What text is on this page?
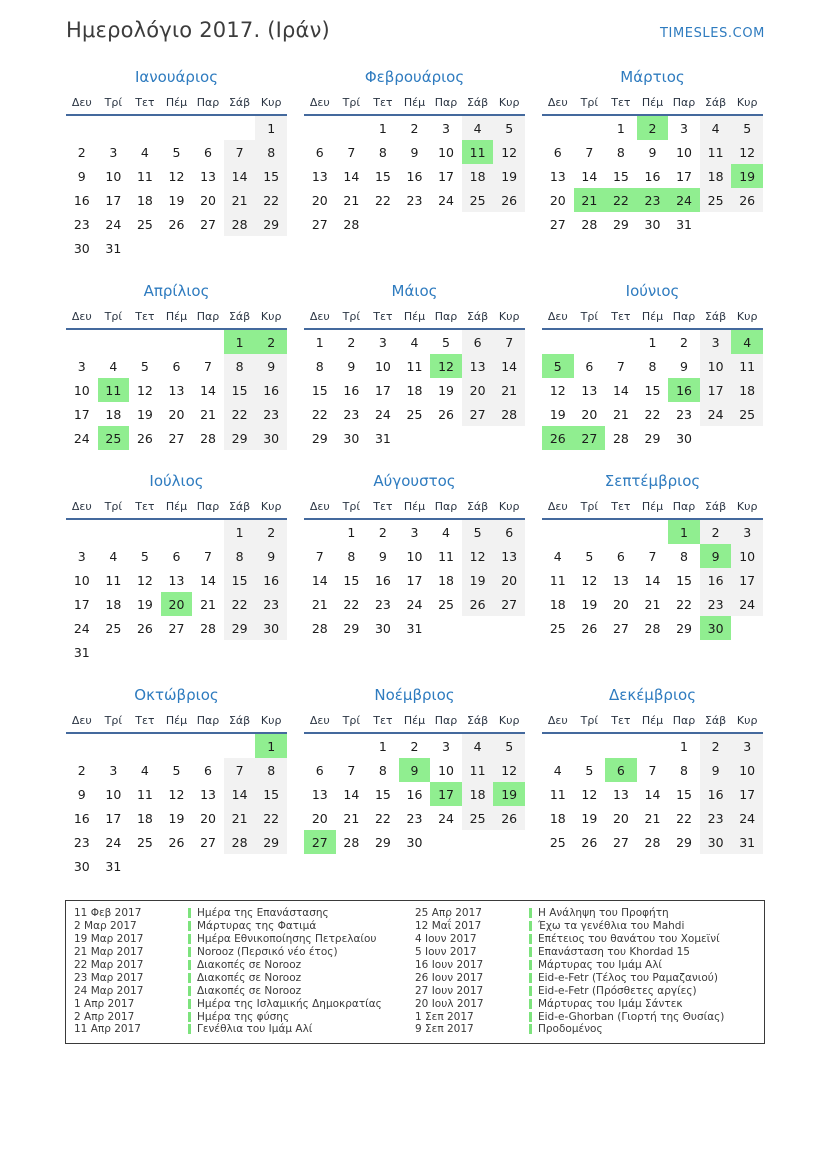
Ημερολόγιο 2017. (Ιράν)	TIMESLES.COM
Ιανουάριος
Δευ	Τρί	Τετ	Πέμ	Παρ	Σάβ	Κυρ
						1
2	3	4	5	6	7	8
9	10	11	12	13	14	15
16	17	18	19	20	21	22
23	24	25	26	27	28	29
30	31					
Φεβρουάριος
Δευ	Τρί	Τετ	Πέμ	Παρ	Σάβ	Κυρ
		1	2	3	4	5
6	7	8	9	10	11	12
13	14	15	16	17	18	19
20	21	22	23	24	25	26
27	28					
Μάρτιος
Δευ	Τρί	Τετ	Πέμ	Παρ	Σάβ	Κυρ
		1	2	3	4	5
6	7	8	9	10	11	12
13	14	15	16	17	18	19
20	21	22	23	24	25	26
27	28	29	30	31		
Απρίλιος
Δευ	Τρί	Τετ	Πέμ	Παρ	Σάβ	Κυρ
					1	2
3	4	5	6	7	8	9
10	11	12	13	14	15	16
17	18	19	20	21	22	23
24	25	26	27	28	29	30
Μάιος
Δευ	Τρί	Τετ	Πέμ	Παρ	Σάβ	Κυρ
1	2	3	4	5	6	7
8	9	10	11	12	13	14
15	16	17	18	19	20	21
22	23	24	25	26	27	28
29	30	31				
Ιούνιος
Δευ	Τρί	Τετ	Πέμ	Παρ	Σάβ	Κυρ
			1	2	3	4
5	6	7	8	9	10	11
12	13	14	15	16	17	18
19	20	21	22	23	24	25
26	27	28	29	30		
Ιούλιος
Δευ	Τρί	Τετ	Πέμ	Παρ	Σάβ	Κυρ
					1	2
3	4	5	6	7	8	9
10	11	12	13	14	15	16
17	18	19	20	21	22	23
24	25	26	27	28	29	30
31						
Αύγουστος
Δευ	Τρί	Τετ	Πέμ	Παρ	Σάβ	Κυρ
	1	2	3	4	5	6
7	8	9	10	11	12	13
14	15	16	17	18	19	20
21	22	23	24	25	26	27
28	29	30	31			
Σεπτέμβριος
Δευ	Τρί	Τετ	Πέμ	Παρ	Σάβ	Κυρ
				1	2	3
4	5	6	7	8	9	10
11	12	13	14	15	16	17
18	19	20	21	22	23	24
25	26	27	28	29	30	
Οκτώβριος
Δευ	Τρί	Τετ	Πέμ	Παρ	Σάβ	Κυρ
						1
2	3	4	5	6	7	8
9	10	11	12	13	14	15
16	17	18	19	20	21	22
23	24	25	26	27	28	29
30	31					
Νοέμβριος
Δευ	Τρί	Τετ	Πέμ	Παρ	Σάβ	Κυρ
		1	2	3	4	5
6	7	8	9	10	11	12
13	14	15	16	17	18	19
20	21	22	23	24	25	26
27	28	29	30			
Δεκέμβριος
Δευ	Τρί	Τετ	Πέμ	Παρ	Σάβ	Κυρ
				1	2	3
4	5	6	7	8	9	10
11	12	13	14	15	16	17
18	19	20	21	22	23	24
25	26	27	28	29	30	31
11 Φεβ 2017	Ημέρα της Επανάστασης
2 Μαρ 2017	Μάρτυρας της Φατιμά
19 Μαρ 2017	Ημέρα Εθνικοποίησης Πετρελαίου
21 Μαρ 2017	Norooz (Περσικό νέο έτος)
22 Μαρ 2017	Διακοπές σε Norooz
23 Μαρ 2017	Διακοπές σε Norooz
24 Μαρ 2017	Διακοπές σε Norooz
1 Απρ 2017	Ημέρα της Ισλαμικής Δημοκρατίας
2 Απρ 2017	Ημέρα της φύσης
11 Απρ 2017	Γενέθλια του Ιμάμ Αλί
25 Απρ 2017	Η Ανάληψη του Προφήτη
12 Μαΐ 2017	Έχω τα γενέθλια του Mahdi
4 Ιουν 2017	Επέτειος του θανάτου του Χομεϊνί
5 Ιουν 2017	Επανάσταση του Khordad 15
16 Ιουν 2017	Μάρτυρας του Ιμάμ Αλί
26 Ιουν 2017	Eid-e-Fetr (Τέλος του Ραμαζανιού)
27 Ιουν 2017	Eid-e-Fetr (Πρόσθετες αργίες)
20 Ιουλ 2017	Μάρτυρας του Ιμάμ Σάντεκ
1 Σεπ 2017	Eid-e-Ghorban (Γιορτή της Θυσίας)
9 Σεπ 2017	Προδομένος
